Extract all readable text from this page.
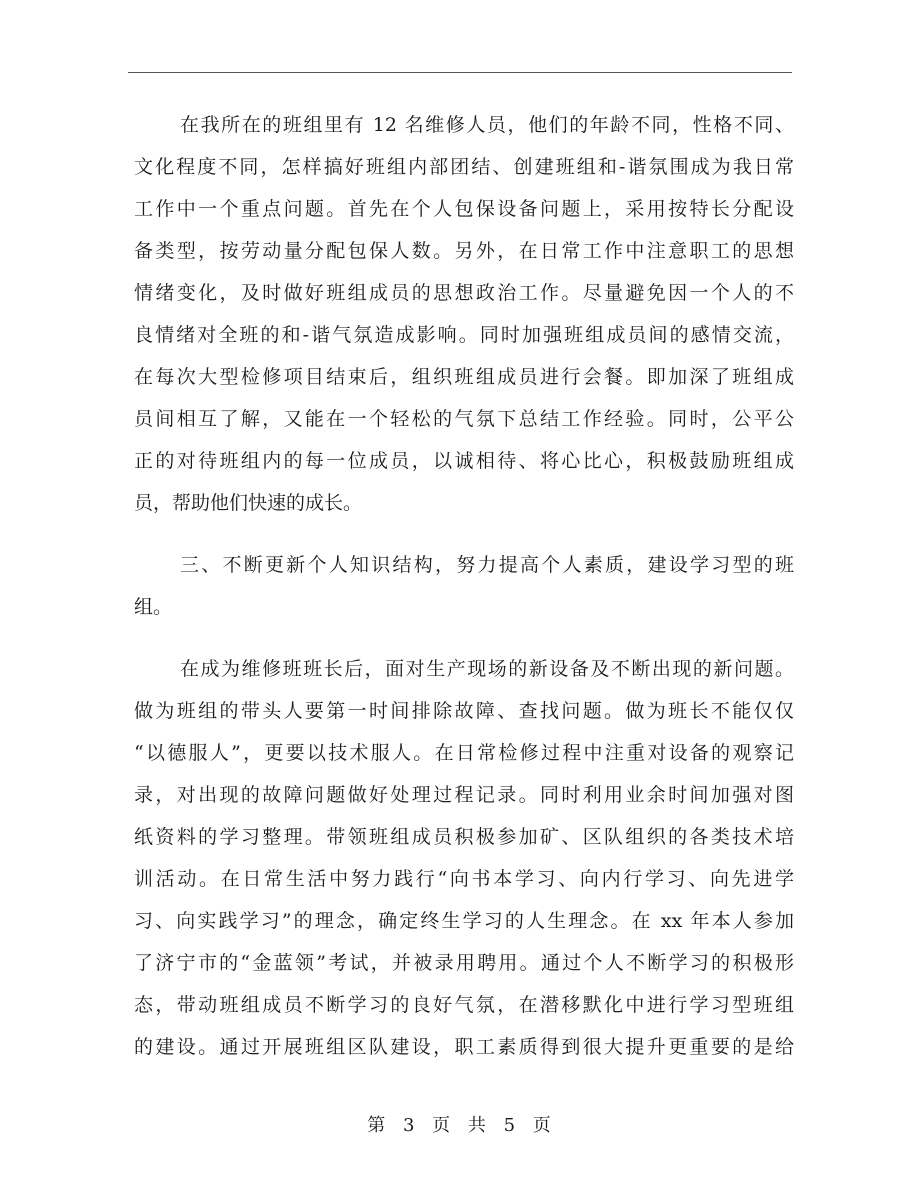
在我所在的班组里有 12 名维修人员，他们的年龄不同，性格不同、
文化程度不同，怎样搞好班组内部团结、创建班组和-谐氛围成为我日常
工作中一个重点问题。首先在个人包保设备问题上，采用按特长分配设
备类型，按劳动量分配包保人数。另外，在日常工作中注意职工的思想
情绪变化，及时做好班组成员的思想政治工作。尽量避免因一个人的不
良情绪对全班的和-谐气氛造成影响。同时加强班组成员间的感情交流，
在每次大型检修项目结束后，组织班组成员进行会餐。即加深了班组成
员间相互了解，又能在一个轻松的气氛下总结工作经验。同时，公平公
正的对待班组内的每一位成员，以诚相待、将心比心，积极鼓励班组成
员，帮助他们快速的成长。
三、不断更新个人知识结构，努力提高个人素质，建设学习型的班
组。
在成为维修班班长后，面对生产现场的新设备及不断出现的新问题。
做为班组的带头人要第一时间排除故障、查找问题。做为班长不能仅仅
“以德服人”，更要以技术服人。在日常检修过程中注重对设备的观察记
录，对出现的故障问题做好处理过程记录。同时利用业余时间加强对图
纸资料的学习整理。带领班组成员积极参加矿、区队组织的各类技术培
训活动。在日常生活中努力践行“向书本学习、向内行学习、向先进学
习、向实践学习”的理念，确定终生学习的人生理念。在 xx 年本人参加
了济宁市的“金蓝领”考试，并被录用聘用。通过个人不断学习的积极形
态，带动班组成员不断学习的良好气氛，在潜移默化中进行学习型班组
的建设。通过开展班组区队建设，职工素质得到很大提升更重要的是给
第 3 页 共 5 页
